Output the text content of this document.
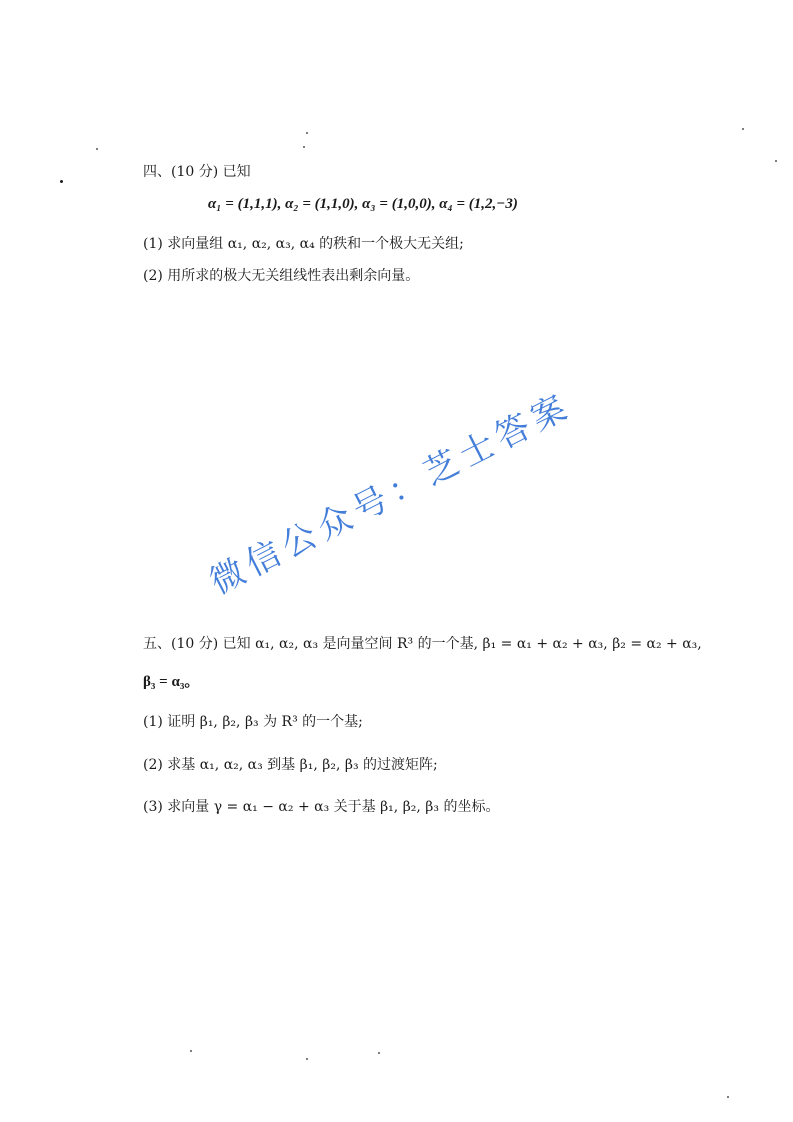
四、(10 分) 已知
α₁ = (1,1,1), α₂ = (1,1,0), α₃ = (1,0,0), α₄ = (1,2,−3)
(1) 求向量组 α₁, α₂, α₃, α₄ 的秩和一个极大无关组;
(2) 用所求的极大无关组线性表出剩余向量。
微信公众号：芝士答案
五、(10 分) 已知 α₁, α₂, α₃ 是向量空间 R³ 的一个基, β₁ = α₁ + α₂ + α₃, β₂ = α₂ + α₃,
β₃ = α₃。
(1) 证明 β₁, β₂, β₃ 为 R³ 的一个基;
(2) 求基 α₁, α₂, α₃ 到基 β₁, β₂, β₃ 的过渡矩阵;
(3) 求向量 γ = α₁ − α₂ + α₃ 关于基 β₁, β₂, β₃ 的坐标。
